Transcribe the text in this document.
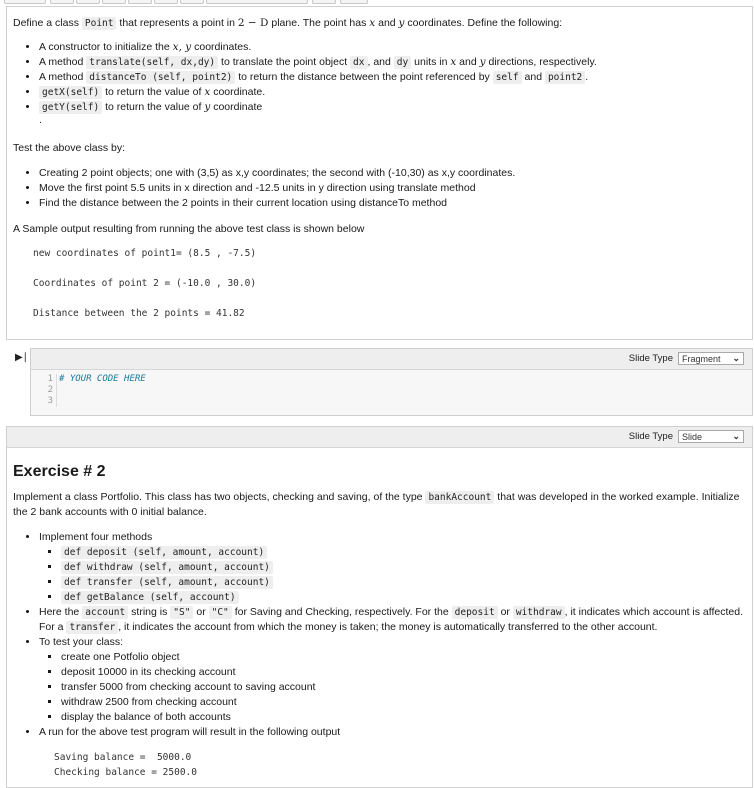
Define a class Point that represents a point in 2 − D plane. The point has x and y coordinates. Define the following:

• A constructor to initialize the x, y coordinates.
• A method translate(self, dx,dy) to translate the point object dx , and dy units in x and y directions, respectively.
• A method distanceTo (self, point2) to return the distance between the point referenced by self and point2 .
• getX(self) to return the value of x coordinate.
• getY(self) to return the value of y coordinate
.

Test the above class by:

• Creating 2 point objects; one with (3,5) as x,y coordinates; the second with (-10,30) as x,y coordinates.
• Move the first point 5.5 units in x direction and -12.5 units in y direction using translate method
• Find the distance between the 2 points in their current location using distanceTo method

A Sample output resulting from running the above test class is shown below

new coordinates of point1= (8.5 , -7.5)
Coordinates of point 2 = (-10.0 , 30.0)
Distance between the 2 points = 41.82
▶∣	Slide Type Fragment ⌄
1
2
3
# YOUR CODE HERE
Slide Type Slide	⌄
Exercise # 2

Implement a class Portfolio. This class has two objects, checking and saving, of the type bankAccount that was developed in the worked example. Initialize the 2 bank accounts with 0 initial balance.

• Implement four methods
▪ def deposit (self, amount, account)
▪ def withdraw (self, amount, account)
▪ def transfer (self, amount, account)
▪ def getBalance (self, account)
• Here the account string is "S" or "C" for Saving and Checking, respectively. For the deposit or withdraw , it indicates which account is affected. For a transfer , it indicates the account from which the money is taken; the money is automatically transferred to the other account.
• To test your class:
▪ create one Potfolio object
▪ deposit 10000 in its checking account
▪ transfer 5000 from checking account to saving account
▪ withdraw 2500 from checking account
▪ display the balance of both accounts
• A run for the above test program will result in the following output
Saving balance =  5000.0
Checking balance = 2500.0
